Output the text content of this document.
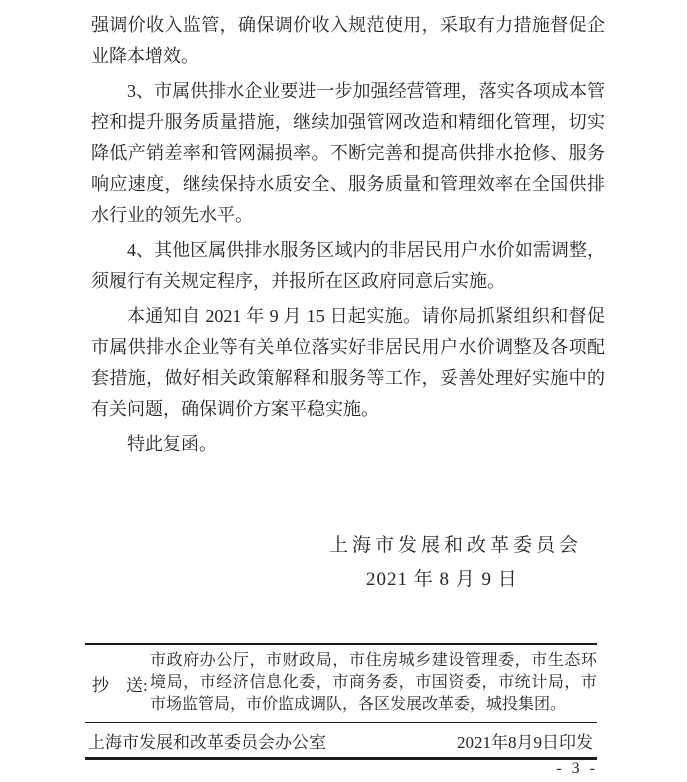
强调价收入监管，确保调价收入规范使用，采取有力措施督促企业降本增效。

3、市属供排水企业要进一步加强经营管理，落实各项成本管控和提升服务质量措施，继续加强管网改造和精细化管理，切实降低产销差率和管网漏损率。不断完善和提高供排水抢修、服务响应速度，继续保持水质安全、服务质量和管理效率在全国供排水行业的领先水平。

4、其他区属供排水服务区域内的非居民用户水价如需调整，须履行有关规定程序，并报所在区政府同意后实施。

本通知自 2021 年 9 月 15 日起实施。请你局抓紧组织和督促市属供排水企业等有关单位落实好非居民用户水价调整及各项配套措施，做好相关政策解释和服务等工作，妥善处理好实施中的有关问题，确保调价方案平稳实施。

特此复函。

上海市发展和改革委员会
2021 年 8 月 9 日
抄　送:
市政府办公厅，市财政局，市住房城乡建设管理委，市生态环境局，市经济信息化委，市商务委，市国资委，市统计局，市市场监管局，市价监成调队，各区发展改革委，城投集团。
上海市发展和改革委员会办公室	2021年8月9日印发
- 3 -
